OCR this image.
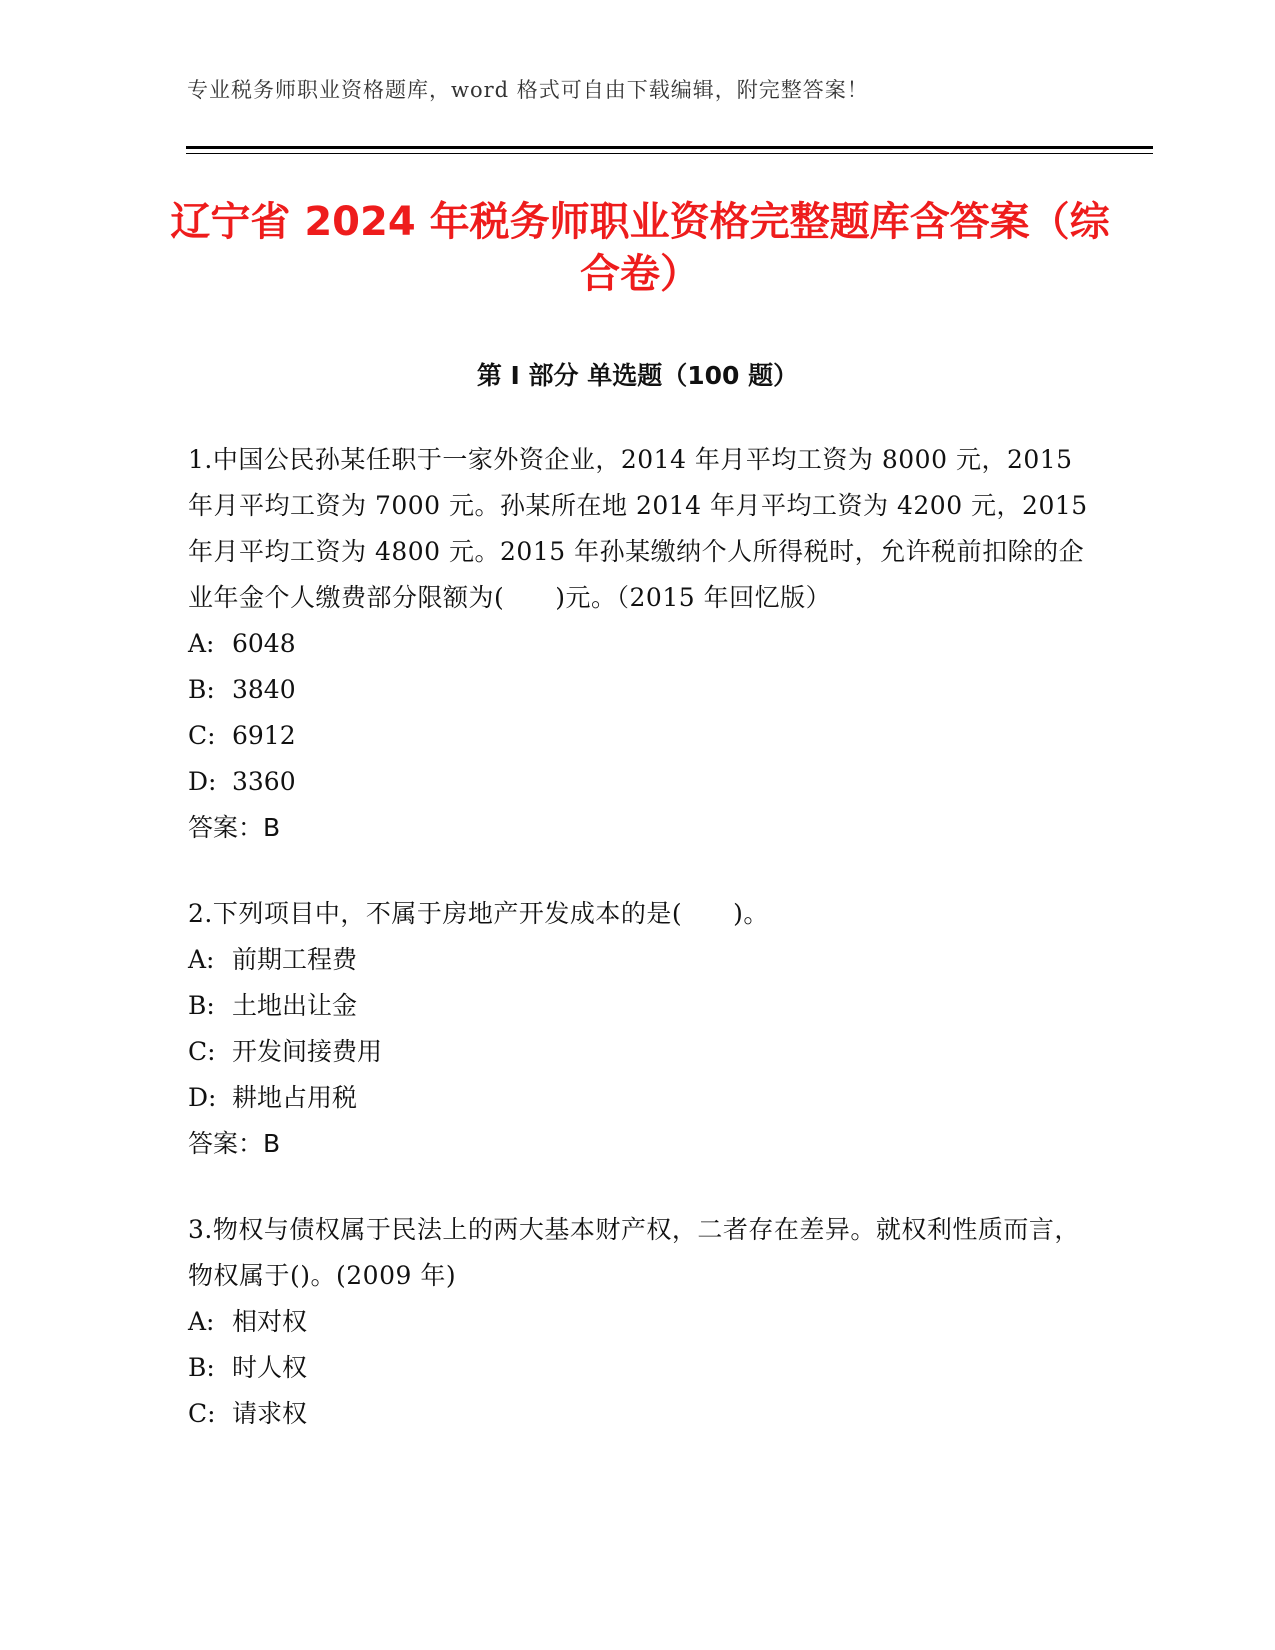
专业税务师职业资格题库，word 格式可自由下载编辑，附完整答案！
辽宁省 2024 年税务师职业资格完整题库含答案（综合卷）
第 I 部分 单选题（100 题）

1.中国公民孙某任职于一家外资企业，2014 年月平均工资为 8000 元，2015 年月平均工资为 7000 元。孙某所在地 2014 年月平均工资为 4200 元，2015 年月平均工资为 4800 元。2015 年孙某缴纳个人所得税时，允许税前扣除的企业年金个人缴费部分限额为(　　)元。（2015 年回忆版）

A: 6048

B: 3840

C: 6912

D: 3360

答案：B

2.下列项目中，不属于房地产开发成本的是(　　)。

A: 前期工程费

B: 土地出让金

C: 开发间接费用

D: 耕地占用税

答案：B

3.物权与债权属于民法上的两大基本财产权，二者存在差异。就权利性质而言，物权属于()。(2009 年)

A: 相对权

B: 时人权

C: 请求权
